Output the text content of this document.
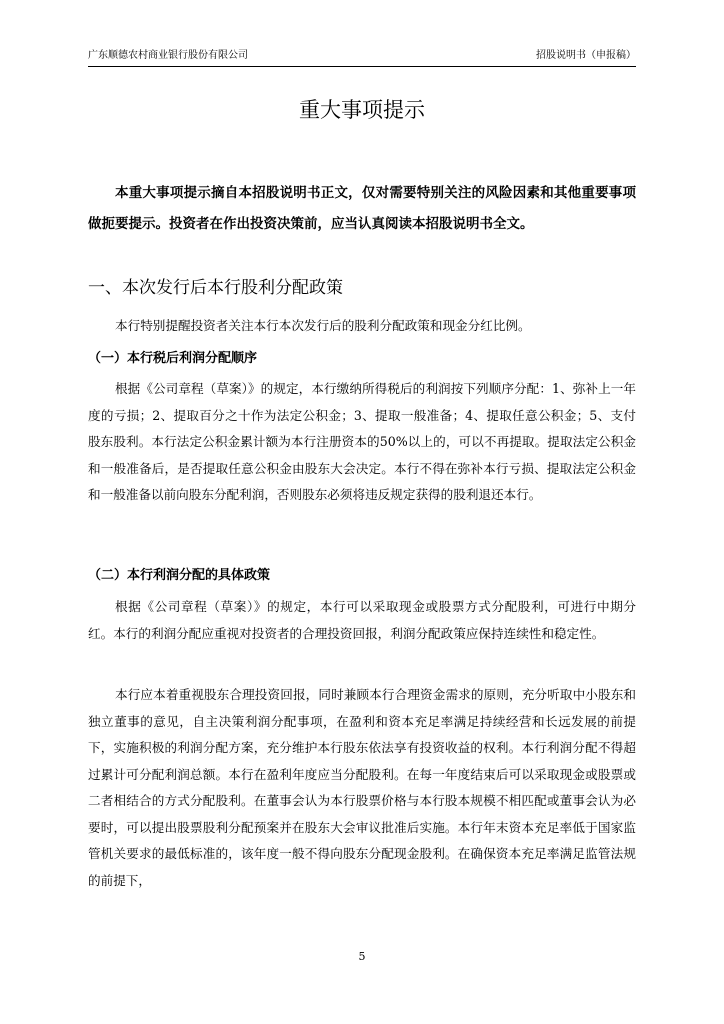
广东顺德农村商业银行股份有限公司	招股说明书（申报稿）
重大事项提示

本重大事项提示摘自本招股说明书正文，仅对需要特别关注的风险因素和其他重要事项做扼要提示。投资者在作出投资决策前，应当认真阅读本招股说明书全文。

一、本次发行后本行股利分配政策

本行特别提醒投资者关注本行本次发行后的股利分配政策和现金分红比例。

（一）本行税后利润分配顺序

根据《公司章程（草案）》的规定，本行缴纳所得税后的利润按下列顺序分配：1、弥补上一年度的亏损；2、提取百分之十作为法定公积金；3、提取一般准备；4、提取任意公积金；5、支付股东股利。本行法定公积金累计额为本行注册资本的50%以上的，可以不再提取。提取法定公积金和一般准备后，是否提取任意公积金由股东大会决定。本行不得在弥补本行亏损、提取法定公积金和一般准备以前向股东分配利润，否则股东必须将违反规定获得的股利退还本行。

（二）本行利润分配的具体政策

根据《公司章程（草案）》的规定，本行可以采取现金或股票方式分配股利，可进行中期分红。本行的利润分配应重视对投资者的合理投资回报，利润分配政策应保持连续性和稳定性。

本行应本着重视股东合理投资回报，同时兼顾本行合理资金需求的原则，充分听取中小股东和独立董事的意见，自主决策利润分配事项，在盈利和资本充足率满足持续经营和长远发展的前提下，实施积极的利润分配方案，充分维护本行股东依法享有投资收益的权利。本行利润分配不得超过累计可分配利润总额。本行在盈利年度应当分配股利。在每一年度结束后可以采取现金或股票或二者相结合的方式分配股利。在董事会认为本行股票价格与本行股本规模不相匹配或董事会认为必要时，可以提出股票股利分配预案并在股东大会审议批准后实施。本行年末资本充足率低于国家监管机关要求的最低标准的，该年度一般不得向股东分配现金股利。在确保资本充足率满足监管法规的前提下，

5
